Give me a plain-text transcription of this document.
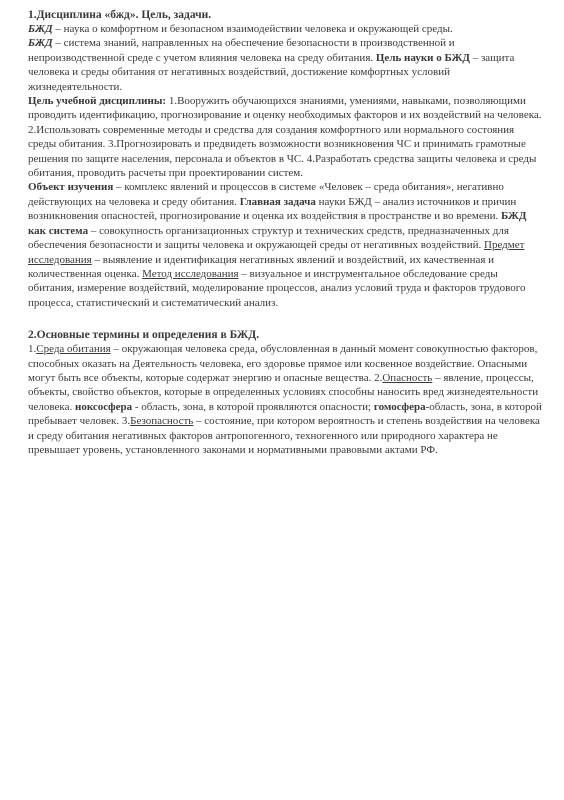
1.Дисциплина «бжд». Цель, задачи.

БЖД – наука о комфортном и безопасном взаимодействии человека и окружающей среды.

БЖД – система знаний, направленных на обеспечение безопасности в производственной и непроизводственной среде с учетом влияния человека на среду обитания. Цель науки о БЖД – защита человека и среды обитания от негативных воздействий, достижение комфортных условий жизнедеятельности.

Цель учебной дисциплины: 1.Вооружить обучающихся знаниями, умениями, навыками, позволяющими проводить идентификацию, прогнозирование и оценку необходимых факторов и их воздействий на человека. 2.Использовать современные методы и средства для создания комфортного или нормального состояния среды обитания. 3.Прогнозировать и предвидеть возможности возникновения ЧС и принимать грамотные решения по защите населения, персонала и объектов в ЧС. 4.Разработать средства защиты человека и среды обитания, проводить расчеты при проектировании систем.

Объект изучения – комплекс явлений и процессов в системе «Человек – среда обитания», негативно действующих на человека и среду обитания. Главная задача науки БЖД – анализ источников и причин возникновения опасностей, прогнозирование и оценка их воздействия в пространстве и во времени. БЖД как система – совокупность организационных структур и технических средств, предназначенных для обеспечения безопасности и защиты человека и окружающей среды от негативных воздействий. Предмет исследования – выявление и идентификация негативных явлений и воздействий, их качественная и количественная оценка. Метод исследования – визуальное и инструментальное обследование среды обитания, измерение воздействий, моделирование процессов, анализ условий труда и факторов трудового процесса, статистический и систематический анализ.

2.Основные термины и определения в БЖД.

1.Среда обитания – окружающая человека среда, обусловленная в данный момент совокупностью факторов, способных оказать на Деятельность человека, его здоровье прямое или косвенное воздействие. Опасными могут быть все объекты, которые содержат энергию и опасные вещества. 2.Опасность – явление, процессы, объекты, свойство объектов, которые в определенных условиях способны наносить вред жизнедеятельности человека. ноксосфера - область, зона, в которой проявляются опасности; гомосфера-область, зона, в которой пребывает человек. 3.Безопасность – состояние, при котором вероятность и степень воздействия на человека и среду обитания негативных факторов антропогенного, техногенного или природного характера не превышает уровень, установленного законами и нормативными правовыми актами РФ.
